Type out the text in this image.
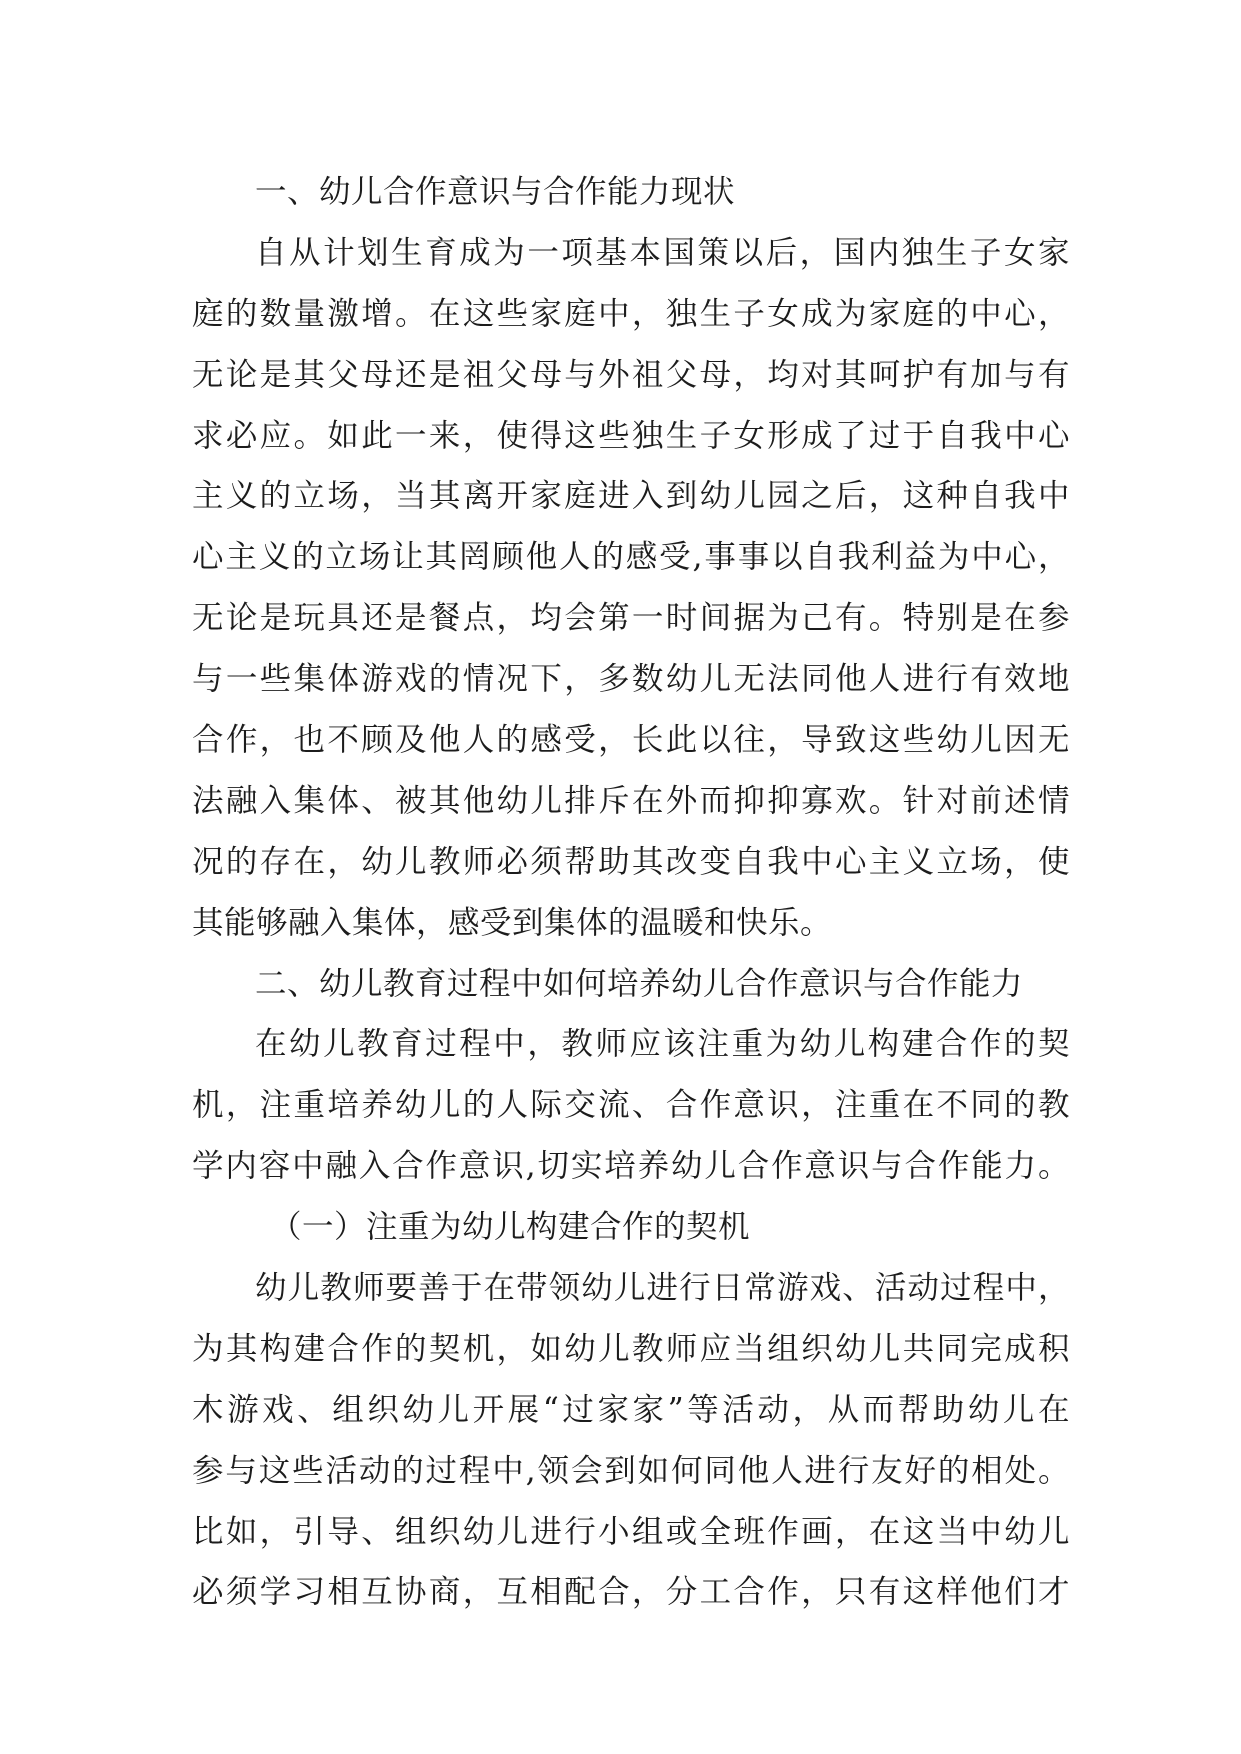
一、幼儿合作意识与合作能力现状
自从计划生育成为一项基本国策以后，国内独生子女家
庭的数量激增。在这些家庭中，独生子女成为家庭的中心，
无论是其父母还是祖父母与外祖父母，均对其呵护有加与有
求必应。如此一来，使得这些独生子女形成了过于自我中心
主义的立场，当其离开家庭进入到幼儿园之后，这种自我中
心主义的立场让其罔顾他人的感受,事事以自我利益为中心，
无论是玩具还是餐点，均会第一时间据为己有。特别是在参
与一些集体游戏的情况下，多数幼儿无法同他人进行有效地
合作，也不顾及他人的感受，长此以往，导致这些幼儿因无
法融入集体、被其他幼儿排斥在外而抑抑寡欢。针对前述情
况的存在，幼儿教师必须帮助其改变自我中心主义立场，使
其能够融入集体，感受到集体的温暖和快乐。
二、幼儿教育过程中如何培养幼儿合作意识与合作能力
在幼儿教育过程中，教师应该注重为幼儿构建合作的契
机，注重培养幼儿的人际交流、合作意识，注重在不同的教
学内容中融入合作意识,切实培养幼儿合作意识与合作能力。
（一）注重为幼儿构建合作的契机
幼儿教师要善于在带领幼儿进行日常游戏、活动过程中，
为其构建合作的契机，如幼儿教师应当组织幼儿共同完成积
木游戏、组织幼儿开展“过家家”等活动，从而帮助幼儿在
参与这些活动的过程中,领会到如何同他人进行友好的相处。
比如，引导、组织幼儿进行小组或全班作画，在这当中幼儿
必须学习相互协商，互相配合，分工合作，只有这样他们才
